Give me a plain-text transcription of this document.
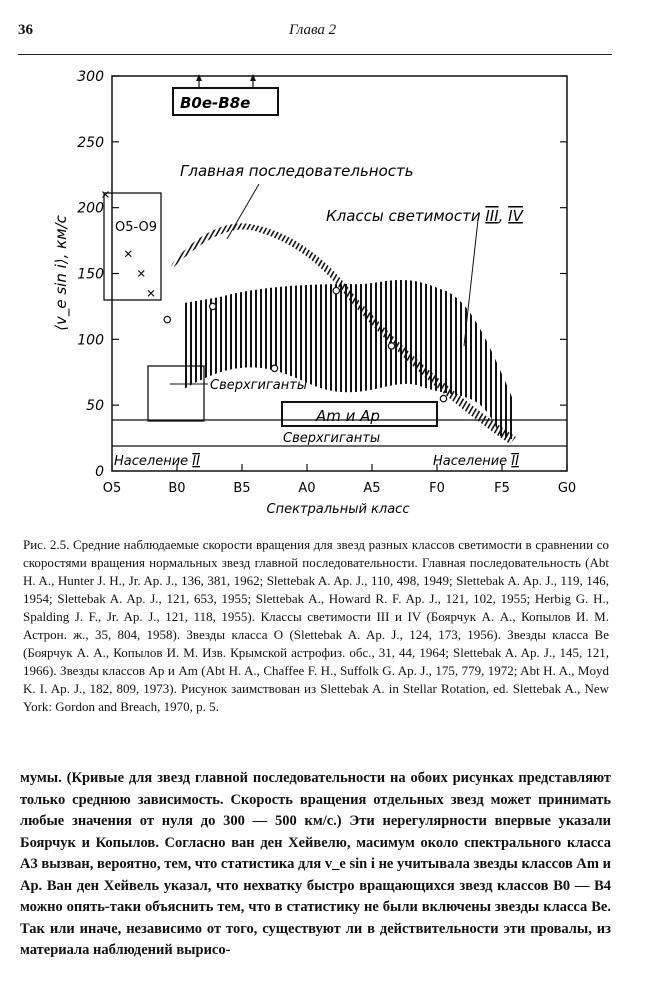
36	Глава 2
0
50
100
150
200
250
300
O5	B0	B5	A0	A5	F0	F5	G0
B0e-B8e
O5-O9
Главная последовательность
Классы светимости III, IV
Сверхгиганты
Am и Ap
Сверхгиганты
Население II	Население II
Спектральный класс
⟨v_e sin i⟩, км/с

Рис. 2.5. Средние наблюдаемые скорости вращения для звезд разных классов светимости в сравнении со скоростями вращения нормальных звезд главной последовательности. Главная последовательность (Abt H. A., Hunter J. H., Jr. Ap. J., 136, 381, 1962; Slettebak A. Ap. J., 110, 498, 1949; Slettebak A. Ap. J., 119, 146, 1954; Slettebak A. Ap. J., 121, 653, 1955; Slettebak A., Howard R. F. Ap. J., 121, 102, 1955; Herbig G. H., Spalding J. F., Jr. Ap. J., 121, 118, 1955). Классы светимости III и IV (Боярчук А. А., Копылов И. М. Астрон. ж., 35, 804, 1958). Звезды класса O (Slettebak A. Ap. J., 124, 173, 1956). Звезды класса Be (Боярчук А. А., Копылов И. М. Изв. Крымской астрофиз. обс., 31, 44, 1964; Slettebak A. Ap. J., 145, 121, 1966). Звезды классов Ap и Am (Abt H. A., Chaffee F. H., Suffolk G. Ap. J., 175, 779, 1972; Abt H. A., Moyd K. I. Ap. J., 182, 809, 1973). Рисунок заимствован из Slettebak A. in Stellar Rotation, ed. Slettebak A., New York: Gordon and Breach, 1970, p. 5.

мумы. (Кривые для звезд главной последовательности на обоих рисунках представляют только среднюю зависимость. Скорость вращения отдельных звезд может принимать любые значения от нуля до 300 — 500 км/с.) Эти нерегулярности впервые указали Боярчук и Копылов. Согласно ван ден Хейвелю, масимум около спектрального класса A3 вызван, вероятно, тем, что статистика для v_e sin i не учитывала звезды классов Am и Ap. Ван ден Хейвель указал, что нехватку быстро вращающихся звезд классов B0 — B4 можно опять-таки объяснить тем, что в статистику не были включены звезды класса Be. Так или иначе, независимо от того, существуют ли в действительности эти провалы, из материала наблюдений вырисо-
